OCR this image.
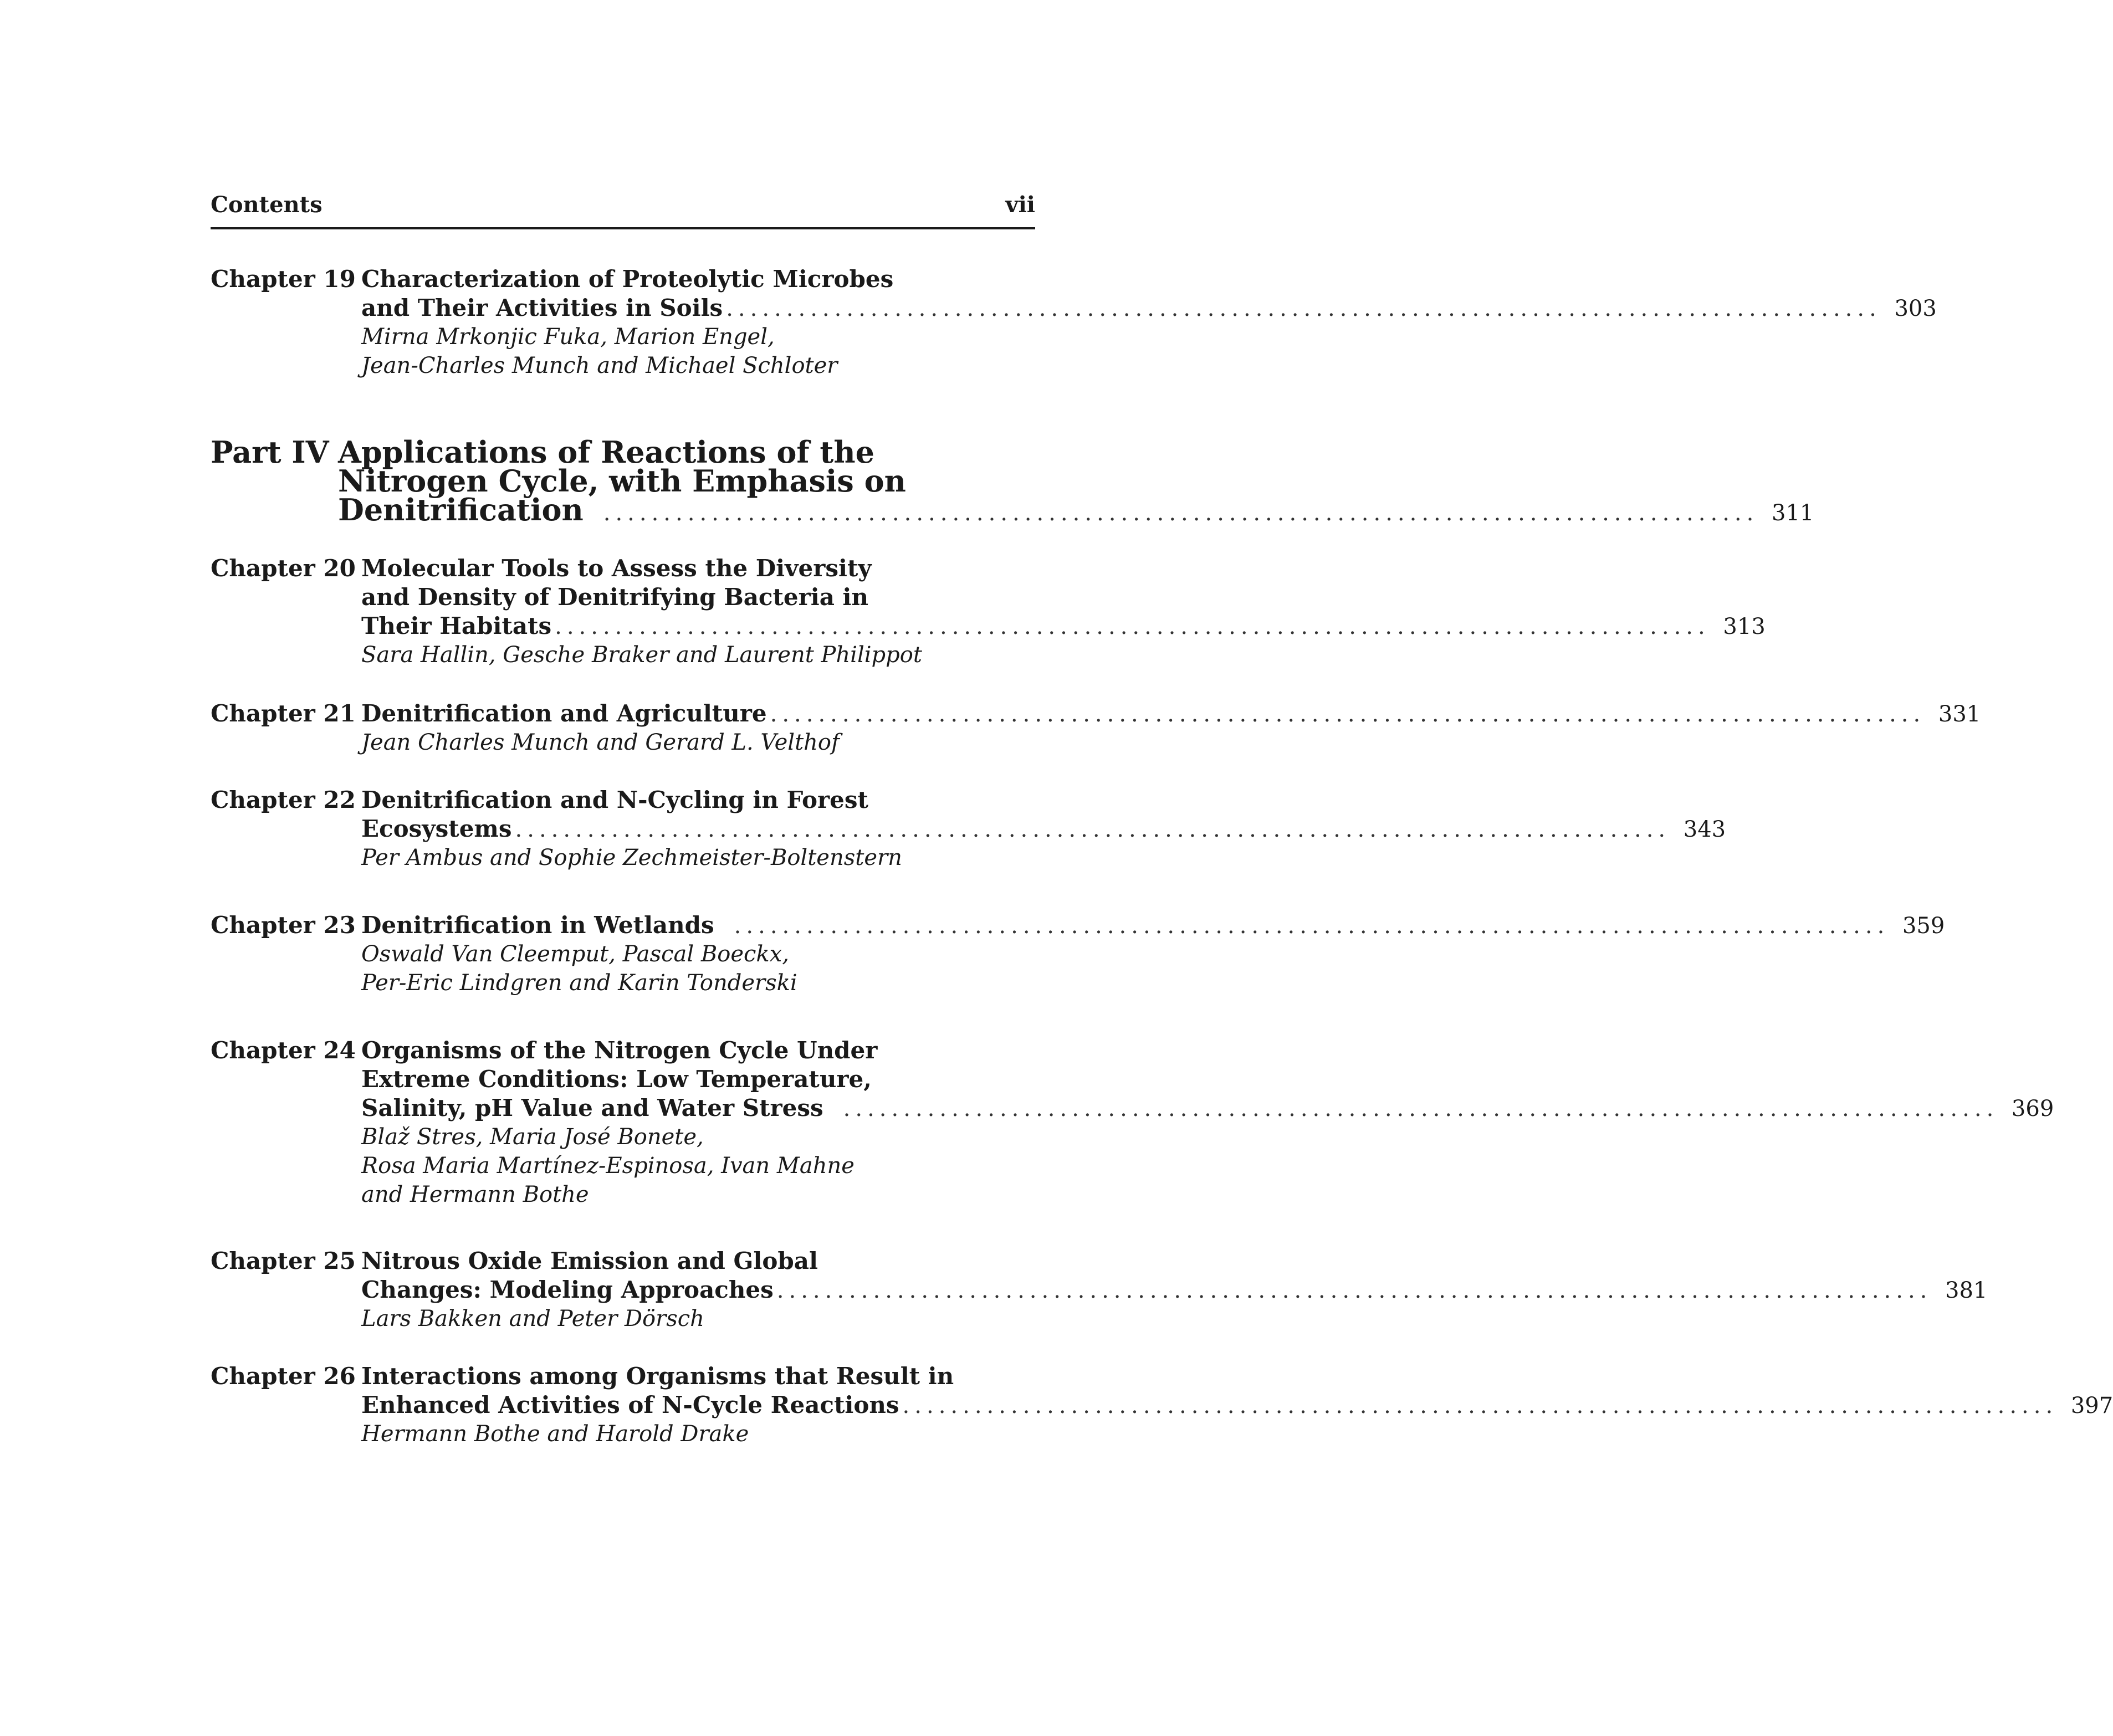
Contents	vii
Chapter 19 Characterization of Proteolytic Microbes
and Their Activities in Soils ................................................................................................ 303
Mirna Mrkonjic Fuka, Marion Engel,
Jean-Charles Munch and Michael Schloter
Part IV Applications of Reactions of the
Nitrogen Cycle, with Emphasis on
Denitrification ................................................................................................ 311
Chapter 20 Molecular Tools to Assess the Diversity
and Density of Denitrifying Bacteria in
Their Habitats ................................................................................................ 313
Sara Hallin, Gesche Braker and Laurent Philippot
Chapter 21 Denitrification and Agriculture ................................................................................................ 331
Jean Charles Munch and Gerard L. Velthof
Chapter 22 Denitrification and N-Cycling in Forest
Ecosystems ................................................................................................ 343
Per Ambus and Sophie Zechmeister-Boltenstern
Chapter 23 Denitrification in Wetlands ................................................................................................ 359
Oswald Van Cleemput, Pascal Boeckx,
Per-Eric Lindgren and Karin Tonderski
Chapter 24 Organisms of the Nitrogen Cycle Under
Extreme Conditions: Low Temperature,
Salinity, pH Value and Water Stress ................................................................................................ 369
Blaž Stres, Maria José Bonete,
Rosa Maria Martínez-Espinosa, Ivan Mahne
and Hermann Bothe
Chapter 25 Nitrous Oxide Emission and Global
Changes: Modeling Approaches ................................................................................................ 381
Lars Bakken and Peter Dörsch
Chapter 26 Interactions among Organisms that Result in
Enhanced Activities of N-Cycle Reactions ................................................................................................ 397
Hermann Bothe and Harold Drake
